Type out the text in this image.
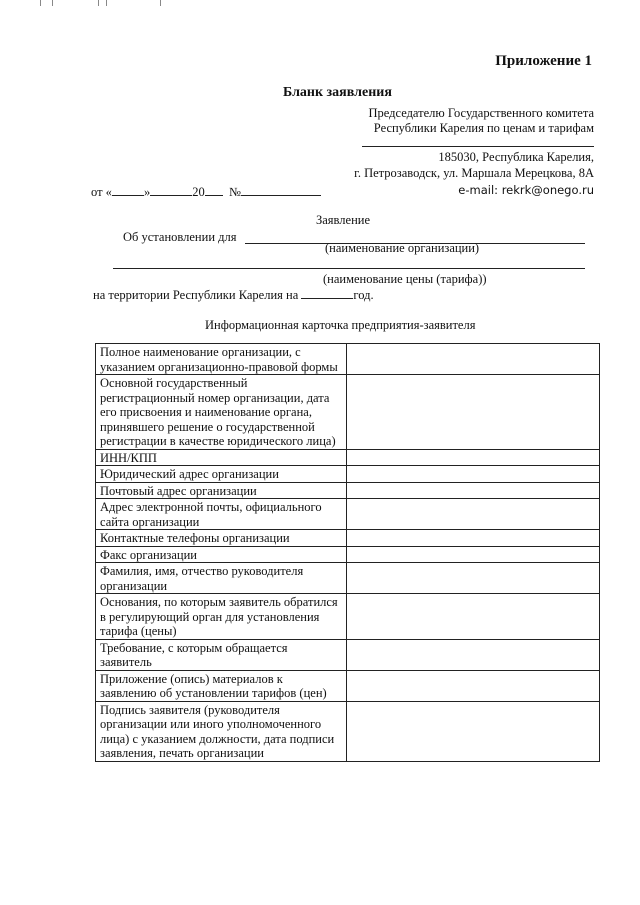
Приложение 1
Бланк заявления
Председателю Государственного комитета
Республики Карелия по ценам и тарифам
185030, Республика Карелия,
г. Петрозаводск, ул. Маршала Мерецкова, 8А
e-mail: rekrk@onego.ru
от «	»	20 №
Заявление
Об установлении для
(наименование организации)
(наименование цены (тарифа))
на территории Республики Карелия на	год.
Информационная карточка предприятия-заявителя
Полное наименование организации, с указанием организационно-правовой формы	
Основной государственный регистрационный номер организации, дата его присвоения и наименование органа, принявшего решение о государственной регистрации в качестве юридического лица)	
ИНН/КПП	
Юридический адрес организации	
Почтовый адрес организации	
Адрес электронной почты, официального сайта организации	
Контактные телефоны организации	
Факс организации	
Фамилия, имя, отчество руководителя организации	
Основания, по которым заявитель обратился в регулирующий орган для установления тарифа (цены)	
Требование, с которым обращается заявитель	
Приложение (опись) материалов к заявлению об установлении тарифов (цен)	
Подпись заявителя (руководителя организации или иного уполномоченного лица) с указанием должности, дата подписи заявления, печать организации	
